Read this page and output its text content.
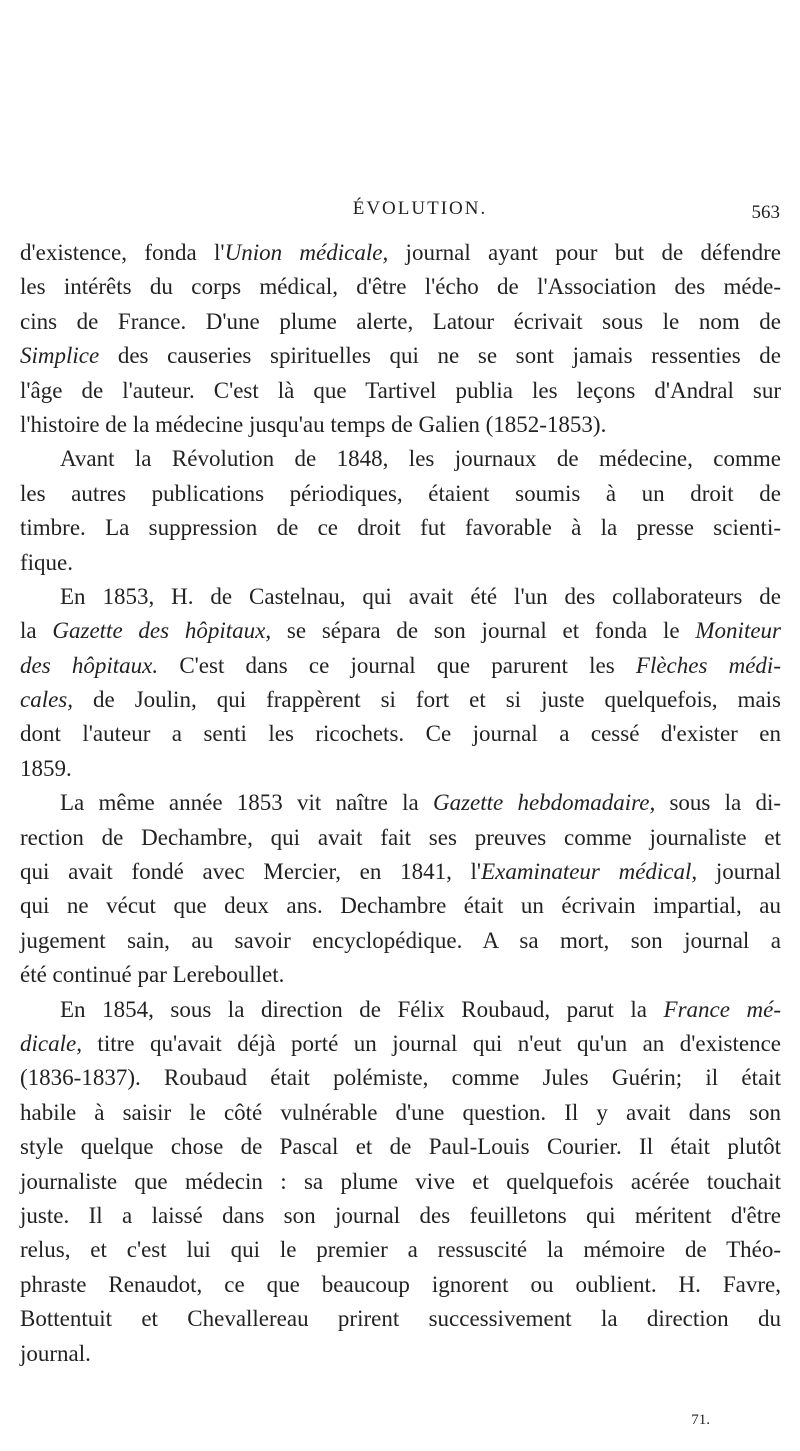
ÉVOLUTION.	563
d'existence, fonda l'Union médicale, journal ayant pour but de défendre
les intérêts du corps médical, d'être l'écho de l'Association des méde-
cins de France. D'une plume alerte, Latour écrivait sous le nom de
Simplice des causeries spirituelles qui ne se sont jamais ressenties de
l'âge de l'auteur. C'est là que Tartivel publia les leçons d'Andral sur
l'histoire de la médecine jusqu'au temps de Galien (1852-1853).
Avant la Révolution de 1848, les journaux de médecine, comme
les autres publications périodiques, étaient soumis à un droit de
timbre. La suppression de ce droit fut favorable à la presse scienti-
fique.
En 1853, H. de Castelnau, qui avait été l'un des collaborateurs de
la Gazette des hôpitaux, se sépara de son journal et fonda le Moniteur
des hôpitaux. C'est dans ce journal que parurent les Flèches médi-
cales, de Joulin, qui frappèrent si fort et si juste quelquefois, mais
dont l'auteur a senti les ricochets. Ce journal a cessé d'exister en
1859.
La même année 1853 vit naître la Gazette hebdomadaire, sous la di-
rection de Dechambre, qui avait fait ses preuves comme journaliste et
qui avait fondé avec Mercier, en 1841, l'Examinateur médical, journal
qui ne vécut que deux ans. Dechambre était un écrivain impartial, au
jugement sain, au savoir encyclopédique. A sa mort, son journal a
été continué par Lereboullet.
En 1854, sous la direction de Félix Roubaud, parut la France mé-
dicale, titre qu'avait déjà porté un journal qui n'eut qu'un an d'existence
(1836-1837). Roubaud était polémiste, comme Jules Guérin; il était
habile à saisir le côté vulnérable d'une question. Il y avait dans son
style quelque chose de Pascal et de Paul-Louis Courier. Il était plutôt
journaliste que médecin : sa plume vive et quelquefois acérée touchait
juste. Il a laissé dans son journal des feuilletons qui méritent d'être
relus, et c'est lui qui le premier a ressuscité la mémoire de Théo-
phraste Renaudot, ce que beaucoup ignorent ou oublient. H. Favre,
Bottentuit et Chevallereau prirent successivement la direction du
journal.
71.
